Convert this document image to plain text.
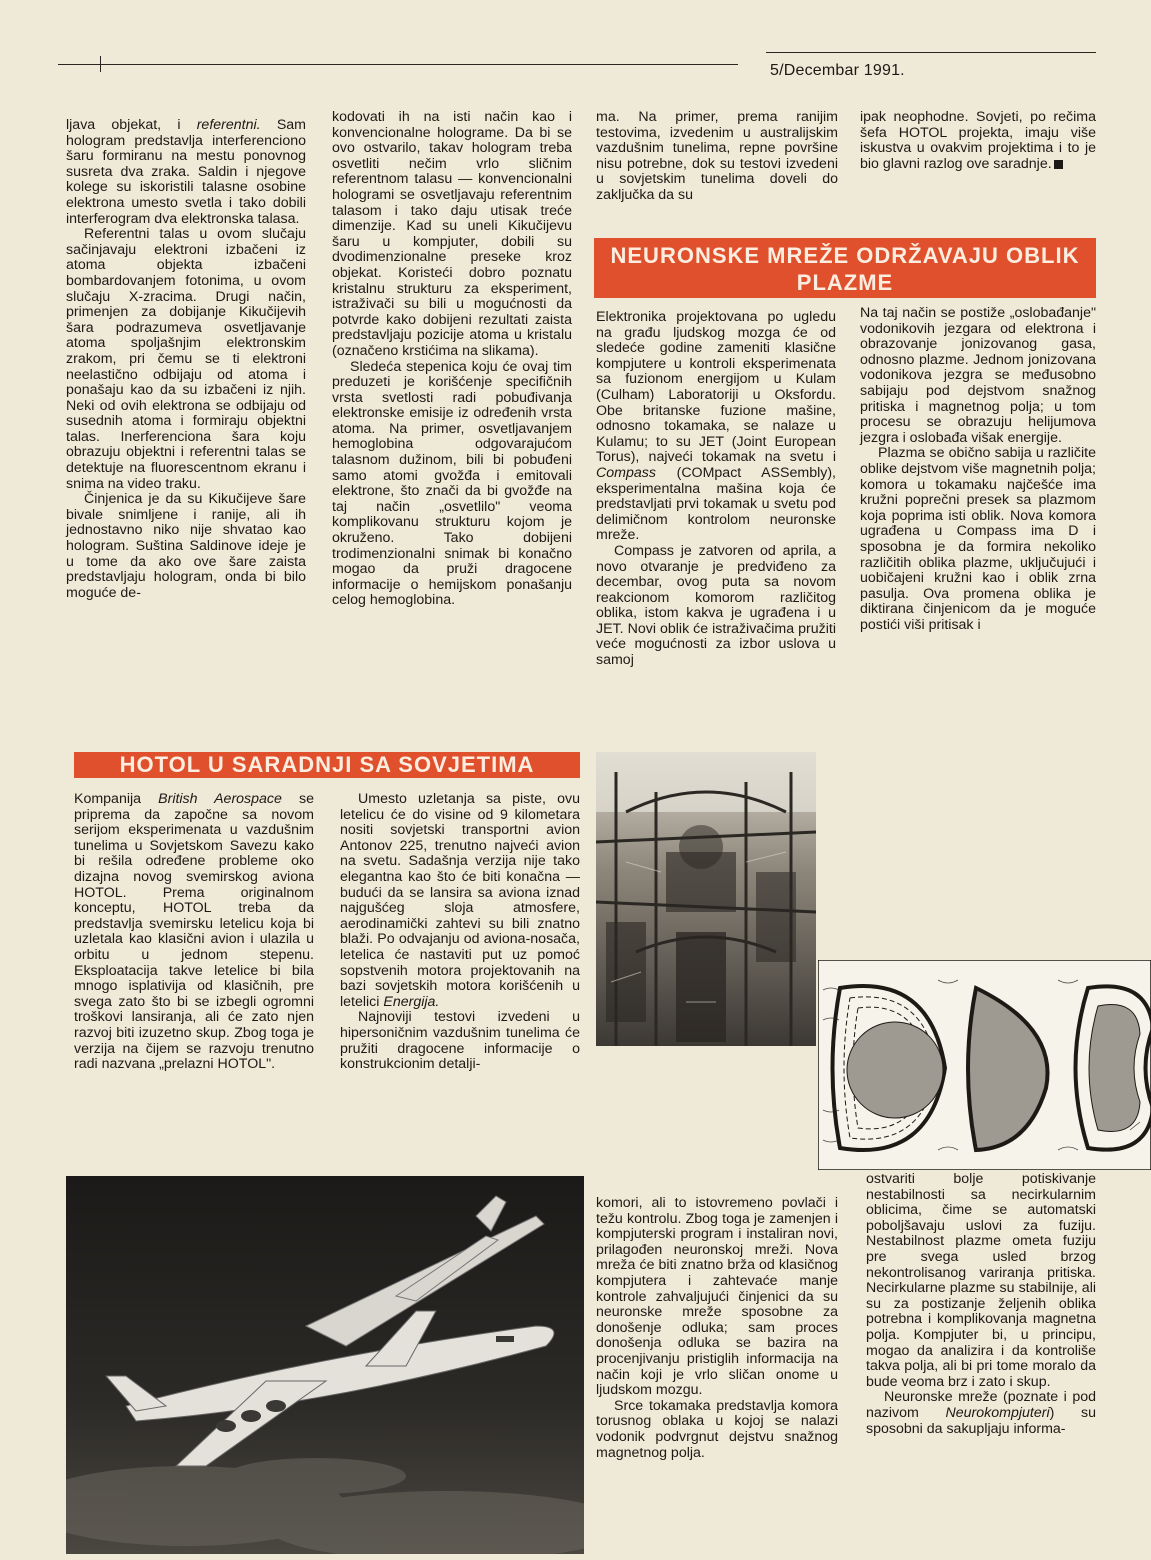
5/Decembar 1991.

ljava objekat, i referentni. Sam hologram predstavlja interferenciono šaru formiranu na mestu ponovnog susreta dva zraka. Saldin i njegove kolege su iskoristili talasne osobine elektrona umesto svetla i tako dobili interferogram dva elektronska talasa.

Referentni talas u ovom slučaju sačinjavaju elektroni izbačeni iz atoma objekta izbačeni bombardovanjem fotonima, u ovom slučaju X-zracima. Drugi način, primenjen za dobijanje Kikučijevih šara podrazumeva osvetljavanje atoma spoljašnjim elektronskim zrakom, pri čemu se ti elektroni neelastično odbijaju od atoma i ponašaju kao da su izbačeni iz njih. Neki od ovih elektrona se odbijaju od susednih atoma i formiraju objektni talas. Inerferenciona šara koju obrazuju objektni i referentni talas se detektuje na fluorescentnom ekranu i snima na video traku.

Činjenica je da su Kikučijeve šare bivale snimljene i ranije, ali ih jednostavno niko nije shvatao kao hologram. Suština Saldinove ideje je u tome da ako ove šare zaista predstavljaju hologram, onda bi bilo moguće de-

kodovati ih na isti način kao i konvencionalne holograme. Da bi se ovo ostvarilo, takav hologram treba osvetliti nečim vrlo sličnim referentnom talasu — konvencionalni hologrami se osvetljavaju referentnim talasom i tako daju utisak treće dimenzije. Kad su uneli Kikučijevu šaru u kompjuter, dobili su dvodimenzionalne preseke kroz objekat. Koristeći dobro poznatu kristalnu strukturu za eksperiment, istraživači su bili u mogućnosti da potvrde kako dobijeni rezultati zaista predstavljaju pozicije atoma u kristalu (označeno krstićima na slikama).

Sledeća stepenica koju će ovaj tim preduzeti je korišćenje specifičnih vrsta svetlosti radi pobuđivanja elektronske emisije iz određenih vrsta atoma. Na primer, osvetljavanjem hemoglobina odgovarajućom talasnom dužinom, bili bi pobuđeni samo atomi gvožđa i emitovali elektrone, što znači da bi gvožđe na taj način „osvetlilo" veoma komplikovanu strukturu kojom je okruženo. Tako dobijeni trodimenzionalni snimak bi konačno mogao da pruži dragocene informacije o hemijskom ponašanju celog hemoglobina.

ma. Na primer, prema ranijim testovima, izvedenim u australijskim vazdušnim tunelima, repne površine nisu potrebne, dok su testovi izvedeni u sovjetskim tunelima doveli do zaključka da su

ipak neophodne. Sovjeti, po rečima šefa HOTOL projekta, imaju više iskustva u ovakvim projektima i to je bio glavni razlog ove saradnje.

NEURONSKE MREŽE ODRŽAVAJU OBLIK PLAZME

Elektronika projektovana po ugledu na građu ljudskog mozga će od sledeće godine zameniti klasične kompjutere u kontroli eksperimenata sa fuzionom energijom u Kulam (Culham) Laboratoriji u Oksfordu. Obe britanske fuzione mašine, odnosno tokamaka, se nalaze u Kulamu; to su JET (Joint European Torus), najveći tokamak na svetu i Compass (COMpact ASSembly), eksperimentalna mašina koja će predstavljati prvi tokamak u svetu pod delimičnom kontrolom neuronske mreže.

Compass je zatvoren od aprila, a novo otvaranje je predviđeno za decembar, ovog puta sa novom reakcionom komorom različitog oblika, istom kakva je ugrađena i u JET. Novi oblik će istraživačima pružiti veće mogućnosti za izbor uslova u samoj

Na taj način se postiže „oslobađanje" vodonikovih jezgara od elektrona i obrazovanje jonizovanog gasa, odnosno plazme. Jednom jonizovana vodonikova jezgra se međusobno sabijaju pod dejstvom snažnog pritiska i magnetnog polja; u tom procesu se obrazuju helijumova jezgra i oslobađa višak energije.

Plazma se obično sabija u različite oblike dejstvom više magnetnih polja; komora u tokamaku najčešće ima kružni poprečni presek sa plazmom koja poprima isti oblik. Nova komora ugrađena u Compass ima D i sposobna je da formira nekoliko različitih oblika plazme, uključujući i uobičajeni kružni kao i oblik zrna pasulja. Ova promena oblika je diktirana činjenicom da je moguće postići viši pritisak i

HOTOL U SARADNJI SA SOVJETIMA

Kompanija British Aerospace se priprema da započne sa novom serijom eksperimenata u vazdušnim tunelima u Sovjetskom Savezu kako bi rešila određene probleme oko dizajna novog svemirskog aviona HOTOL. Prema originalnom konceptu, HOTOL treba da predstavlja svemirsku letelicu koja bi uzletala kao klasični avion i ulazila u orbitu u jednom stepenu. Eksploatacija takve letelice bi bila mnogo isplativija od klasičnih, pre svega zato što bi se izbegli ogromni troškovi lansiranja, ali će zato njen razvoj biti izuzetno skup. Zbog toga je verzija na čijem se razvoju trenutno radi nazvana „prelazni HOTOL".

Umesto uzletanja sa piste, ovu letelicu će do visine od 9 kilometara nositi sovjetski transportni avion Antonov 225, trenutno najveći avion na svetu. Sadašnja verzija nije tako elegantna kao što će biti konačna — budući da se lansira sa aviona iznad najgušćeg sloja atmosfere, aerodinamički zahtevi su bili znatno blaži. Po odvajanju od aviona-nosača, letelica će nastaviti put uz pomoć sopstvenih motora projektovanih na bazi sovjetskih motora korišćenih u letelici Energija.

Najnoviji testovi izvedeni u hipersoničnim vazdušnim tunelima će pružiti dragocene informacije o konstrukcionim detalji-

komori, ali to istovremeno povlači i težu kontrolu. Zbog toga je zamenjen i kompjuterski program i instaliran novi, prilagođen neuronskoj mreži. Nova mreža će biti znatno brža od klasičnog kompjutera i zahtevaće manje kontrole zahvaljujući činjenici da su neuronske mreže sposobne za donošenje odluka; sam proces donošenja odluka se bazira na procenjivanju pristiglih informacija na način koji je vrlo sličan onome u ljudskom mozgu.

Srce tokamaka predstavlja komora torusnog oblaka u kojoj se nalazi vodonik podvrgnut dejstvu snažnog magnetnog polja.

ostvariti bolje potiskivanje nestabilnosti sa necirkularnim oblicima, čime se automatski poboljšavaju uslovi za fuziju. Nestabilnost plazme ometa fuziju pre svega usled brzog nekontrolisanog variranja pritiska. Necirkularne plazme su stabilnije, ali su za postizanje željenih oblika potrebna i komplikovanja magnetna polja. Kompjuter bi, u principu, mogao da analizira i da kontroliše takva polja, ali bi pri tome moralo da bude veoma brz i zato i skup.

Neuronske mreže (poznate i pod nazivom Neurokompjuteri) su sposobni da sakupljaju informa-
